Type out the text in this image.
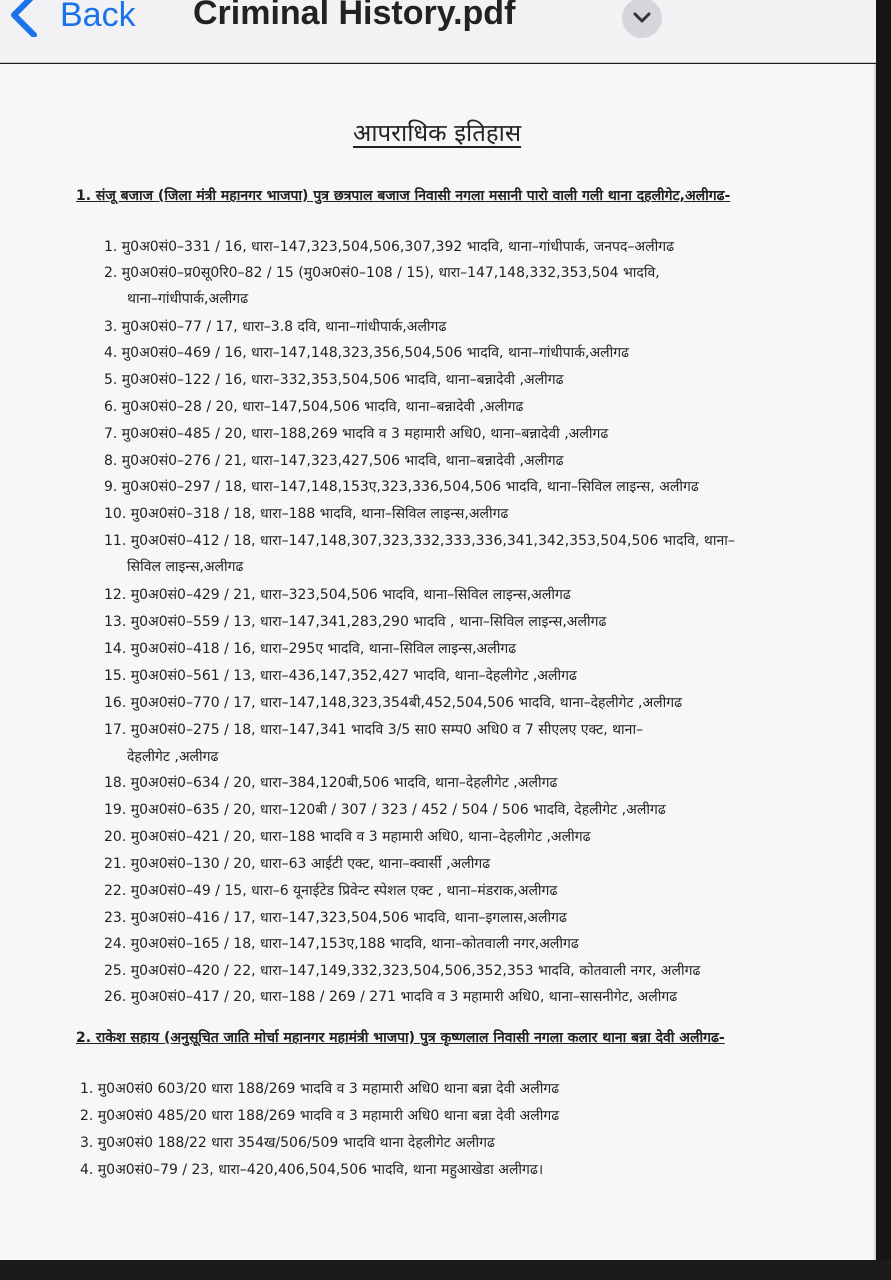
Back Criminal History.pdf
आपराधिक इतिहास
1. संजू बजाज (जिला मंत्री महानगर भाजपा) पुत्र छत्रपाल बजाज निवासी नगला मसानी पारो वाली गली थाना दहलीगेट,अलीगढ-
1. मु0अ0सं0–331 / 16, धारा–147,323,504,506,307,392 भादवि, थाना–गांधीपार्क, जनपद–अलीगढ
2. मु0अ0सं0–प्र0सू0रि0–82 / 15 (मु0अ0सं0–108 / 15), धारा–147,148,332,353,504 भादवि,
थाना–गांधीपार्क,अलीगढ
3. मु0अ0सं0–77 / 17, धारा–3.8 दवि, थाना–गांधीपार्क,अलीगढ
4. मु0अ0सं0–469 / 16, धारा–147,148,323,356,504,506 भादवि, थाना–गांधीपार्क,अलीगढ
5. मु0अ0सं0–122 / 16, धारा–332,353,504,506 भादवि, थाना–बन्नादेवी ,अलीगढ
6. मु0अ0सं0–28 / 20, धारा–147,504,506 भादवि, थाना–बन्नादेवी ,अलीगढ
7. मु0अ0सं0–485 / 20, धारा–188,269 भादवि व 3 महामारी अधि0, थाना–बन्नादेवी ,अलीगढ
8. मु0अ0सं0–276 / 21, धारा–147,323,427,506 भादवि, थाना–बन्नादेवी ,अलीगढ
9. मु0अ0सं0–297 / 18, धारा–147,148,153ए,323,336,504,506 भादवि, थाना–सिविल लाइन्स, अलीगढ
10. मु0अ0सं0–318 / 18, धारा–188 भादवि, थाना–सिविल लाइन्स,अलीगढ
11. मु0अ0सं0–412 / 18, धारा–147,148,307,323,332,333,336,341,342,353,504,506 भादवि, थाना–
सिविल लाइन्स,अलीगढ
12. मु0अ0सं0–429 / 21, धारा–323,504,506 भादवि, थाना–सिविल लाइन्स,अलीगढ
13. मु0अ0सं0–559 / 13, धारा–147,341,283,290 भादवि , थाना–सिविल लाइन्स,अलीगढ
14. मु0अ0सं0–418 / 16, धारा–295ए भादवि, थाना–सिविल लाइन्स,अलीगढ
15. मु0अ0सं0–561 / 13, धारा–436,147,352,427 भादवि, थाना–देहलीगेट ,अलीगढ
16. मु0अ0सं0–770 / 17, धारा–147,148,323,354बी,452,504,506 भादवि, थाना–देहलीगेट ,अलीगढ
17. मु0अ0सं0–275 / 18, धारा–147,341 भादवि 3/5 सा0 सम्प0 अधि0 व 7 सीएलए एक्ट, थाना–
देहलीगेट ,अलीगढ
18. मु0अ0सं0–634 / 20, धारा–384,120बी,506 भादवि, थाना–देहलीगेट ,अलीगढ
19. मु0अ0सं0–635 / 20, धारा–120बी / 307 / 323 / 452 / 504 / 506 भादवि, देहलीगेट ,अलीगढ
20. मु0अ0सं0–421 / 20, धारा–188 भादवि व 3 महामारी अधि0, थाना–देहलीगेट ,अलीगढ
21. मु0अ0सं0–130 / 20, धारा–63 आईटी एक्ट, थाना–क्वार्सी ,अलीगढ
22. मु0अ0सं0–49 / 15, धारा–6 यूनाईटेड प्रिवेन्ट स्पेशल एक्ट , थाना–मंडराक,अलीगढ
23. मु0अ0सं0–416 / 17, धारा–147,323,504,506 भादवि, थाना–इगलास,अलीगढ
24. मु0अ0सं0–165 / 18, धारा–147,153ए,188 भादवि, थाना–कोतवाली नगर,अलीगढ
25. मु0अ0सं0–420 / 22, धारा–147,149,332,323,504,506,352,353 भादवि, कोतवाली नगर, अलीगढ
26. मु0अ0सं0–417 / 20, धारा–188 / 269 / 271 भादवि व 3 महामारी अधि0, थाना–सासनीगेट, अलीगढ
2. राकेश सहाय (अनुसूचित जाति मोर्चा महानगर महामंत्री भाजपा) पुत्र कृष्णलाल निवासी नगला कलार थाना बन्ना देवी अलीगढ-
1. मु0अ0सं0 603/20 धारा 188/269 भादवि व 3 महामारी अधि0 थाना बन्ना देवी अलीगढ
2. मु0अ0सं0 485/20 धारा 188/269 भादवि व 3 महामारी अधि0 थाना बन्ना देवी अलीगढ
3. मु0अ0सं0 188/22 धारा 354ख/506/509 भादवि थाना देहलीगेट अलीगढ
4. मु0अ0सं0–79 / 23, धारा–420,406,504,506 भादवि, थाना महुआखेडा अलीगढ।
